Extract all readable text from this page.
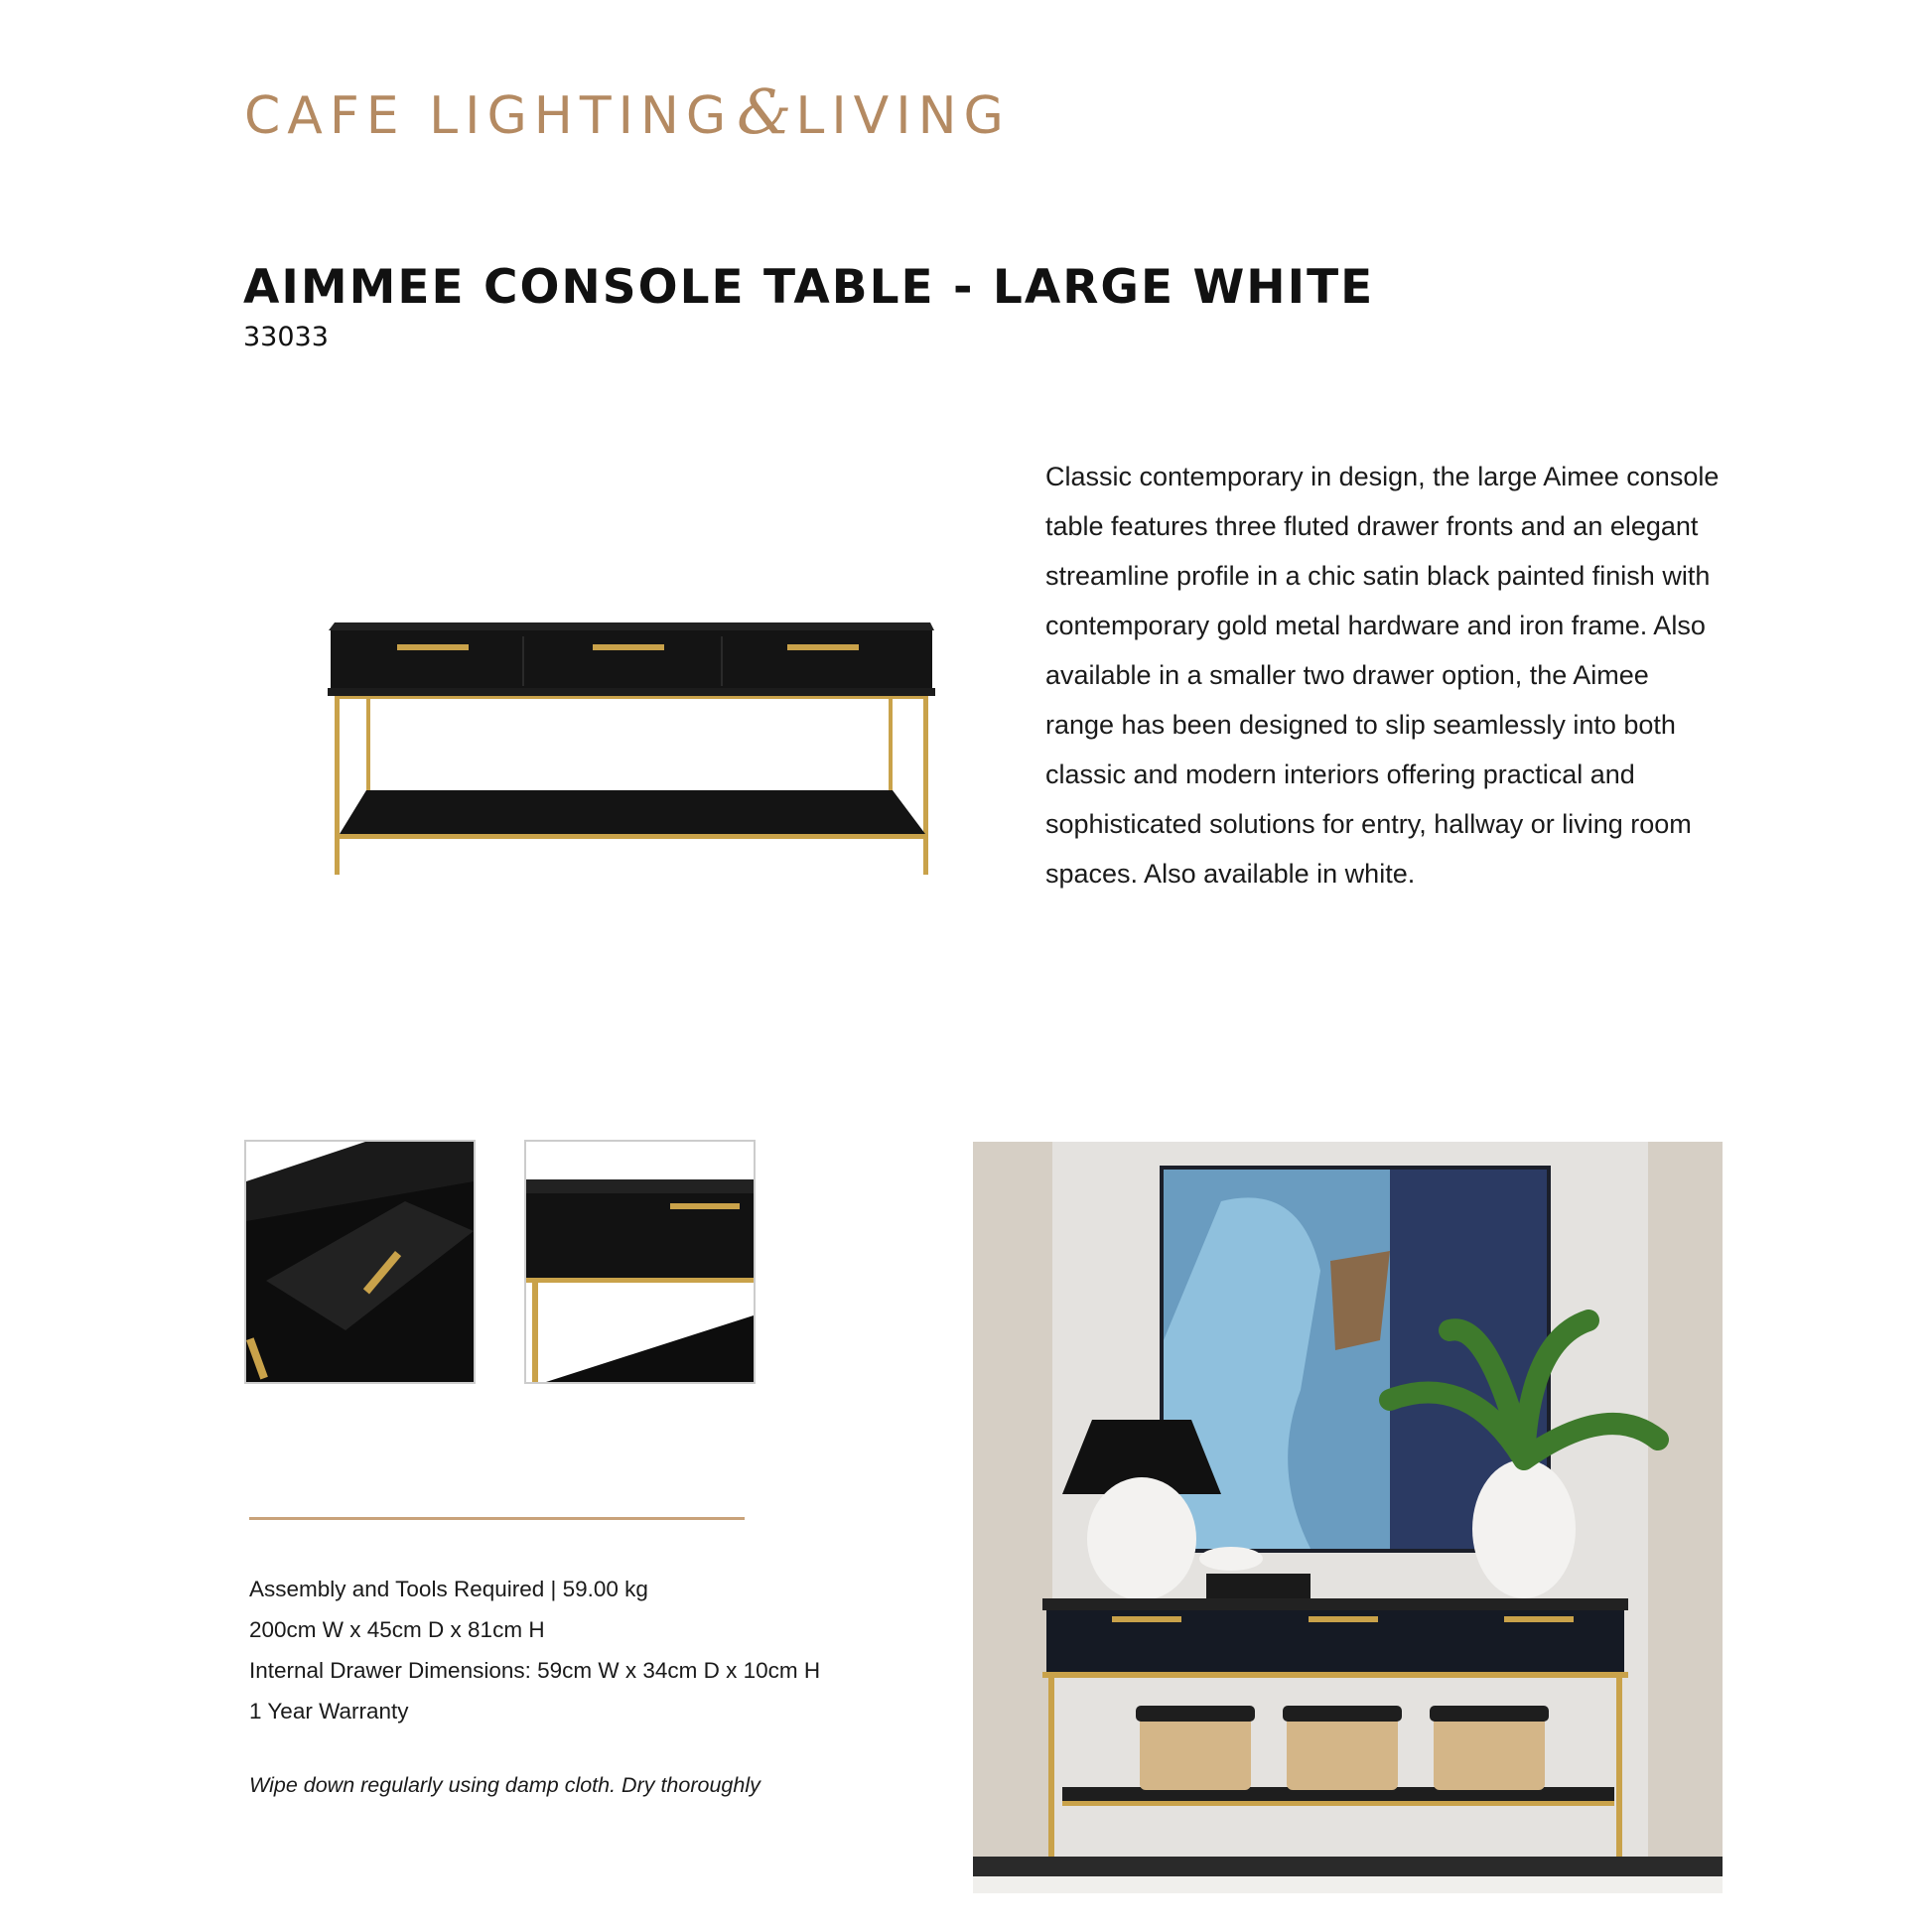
CAFE LIGHTING&LIVING
AIMMEE CONSOLE TABLE - LARGE WHITE
33033
Classic contemporary in design, the large Aimee console table features three fluted drawer fronts and an elegant streamline profile in a chic satin black painted finish with contemporary gold metal hardware and iron frame. Also available in a smaller two drawer option, the Aimee range has been designed to slip seamlessly into both classic and modern interiors offering practical and sophisticated solutions for entry, hallway or living room spaces. Also available in white.
Assembly and Tools Required | 59.00 kg
200cm W x 45cm D x 81cm H
Internal Drawer Dimensions: 59cm W x 34cm D x 10cm H
1 Year Warranty
Wipe down regularly using damp cloth. Dry thoroughly
